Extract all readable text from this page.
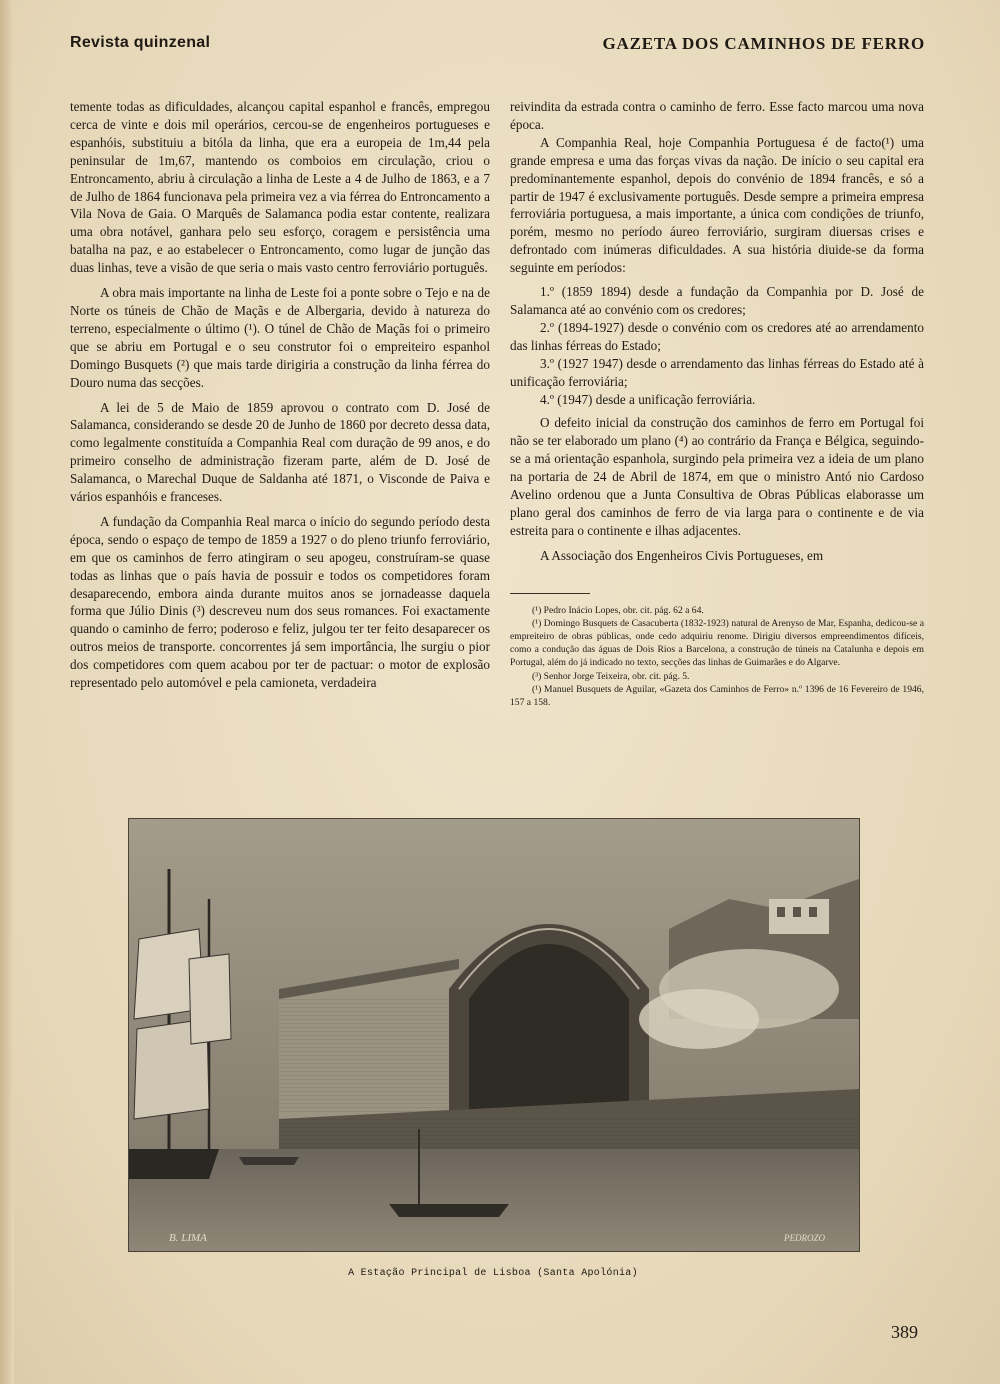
Revista quinzenal	GAZETA DOS CAMINHOS DE FERRO

temente todas as dificuldades, alcançou capital espanhol e francês, empregou cerca de vinte e dois mil operários, cercou-se de engenheiros portugueses e espanhóis, substituiu a bitóla da linha, que era a europeia de 1m,44 pela peninsular de 1m,67, mantendo os comboios em circulação, criou o Entroncamento, abriu à circulação a linha de Leste a 4 de Julho de 1863, e a 7 de Julho de 1864 funcionava pela primeira vez a via férrea do Entroncamento a Vila Nova de Gaia. O Marquês de Salamanca podia estar contente, realizara uma obra notável, ganhara pelo seu esforço, coragem e persistência uma batalha na paz, e ao estabelecer o Entroncamento, como lugar de junção das duas linhas, teve a visão de que seria o mais vasto centro ferroviário português.

A obra mais importante na linha de Leste foi a ponte sobre o Tejo e na de Norte os túneis de Chão de Maçãs e de Albergaria, devido à natureza do terreno, especialmente o último (¹). O túnel de Chão de Maçãs foi o primeiro que se abriu em Portugal e o seu construtor foi o empreiteiro espanhol Domingo Busquets (²) que mais tarde dirigiria a construção da linha férrea do Douro numa das secções.

A lei de 5 de Maio de 1859 aprovou o contrato com D. José de Salamanca, considerando se desde 20 de Junho de 1860 por decreto dessa data, como legalmente constituída a Companhia Real com duração de 99 anos, e do primeiro conselho de administração fizeram parte, além de D. José de Salamanca, o Marechal Duque de Saldanha até 1871, o Visconde de Paiva e vários espanhóis e franceses.

A fundação da Companhia Real marca o início do segundo período desta época, sendo o espaço de tempo de 1859 a 1927 o do pleno triunfo ferroviário, em que os caminhos de ferro atingiram o seu apogeu, construíram-se quase todas as linhas que o país havia de possuir e todos os competidores foram desaparecendo, embora ainda durante muitos anos se jornadeasse daquela forma que Júlio Dinis (³) descreveu num dos seus romances. Foi exactamente quando o caminho de ferro; poderoso e feliz, julgou ter ter feito desaparecer os outros meios de transporte. concorrentes já sem importância, lhe surgiu o pior dos competidores com quem acabou por ter de pactuar: o motor de explosão representado pelo automóvel e pela camioneta, verdadeira

reivindita da estrada contra o caminho de ferro. Esse facto marcou uma nova época.

A Companhia Real, hoje Companhia Portuguesa é de facto(¹) uma grande empresa e uma das forças vivas da nação. De início o seu capital era predominantemente espanhol, depois do convénio de 1894 francês, e só a partir de 1947 é exclusivamente português. Desde sempre a primeira empresa ferroviária portuguesa, a mais importante, a única com condições de triunfo, porém, mesmo no período áureo ferroviário, surgiram diuersas crises e defrontado com inúmeras dificuldades. A sua história diuide-se da forma seguinte em períodos:

1.º (1859 1894) desde a fundação da Companhia por D. José de Salamanca até ao convénio com os credores;
2.º (1894-1927) desde o convénio com os credores até ao arrendamento das linhas férreas do Estado;
3.º (1927 1947) desde o arrendamento das linhas férreas do Estado até à unificação ferroviária;
4.º (1947) desde a unificação ferroviária.

O defeito inicial da construção dos caminhos de ferro em Portugal foi não se ter elaborado um plano (⁴) ao contrário da França e Bélgica, seguindo-se a má orientação espanhola, surgindo pela primeira vez a ideia de um plano na portaria de 24 de Abril de 1874, em que o ministro Antó nio Cardoso Avelino ordenou que a Junta Consultiva de Obras Públicas elaborasse um plano geral dos caminhos de ferro de via larga para o continente e de via estreita para o continente e ilhas adjacentes.

A Associação dos Engenheiros Civis Portugueses, em

(¹) Pedro Inácio Lopes, obr. cit. pág. 62 a 64.
(¹) Domingo Busquets de Casacuberta (1832-1923) natural de Arenyso de Mar, Espanha, dedicou-se a empreiteiro de obras públicas, onde cedo adquiriu renome. Dirigiu diversos empreendimentos difíceis, como a condução das águas de Dois Rios a Barcelona, a construção de túneis na Catalunha e depois em Portugal, além do já indicado no texto, secções das linhas de Guimarães e do Algarve.
(³) Senhor Jorge Teixeira, obr. cit. pág. 5.
(¹) Manuel Busquets de Aguilar, «Gazeta dos Caminhos de Ferro» n.º 1396 de 16 Fevereiro de 1946, 157 a 158.
B. LIMA	PEDROZO
A Estação Principal de Lisboa (Santa Apolónia)
389
